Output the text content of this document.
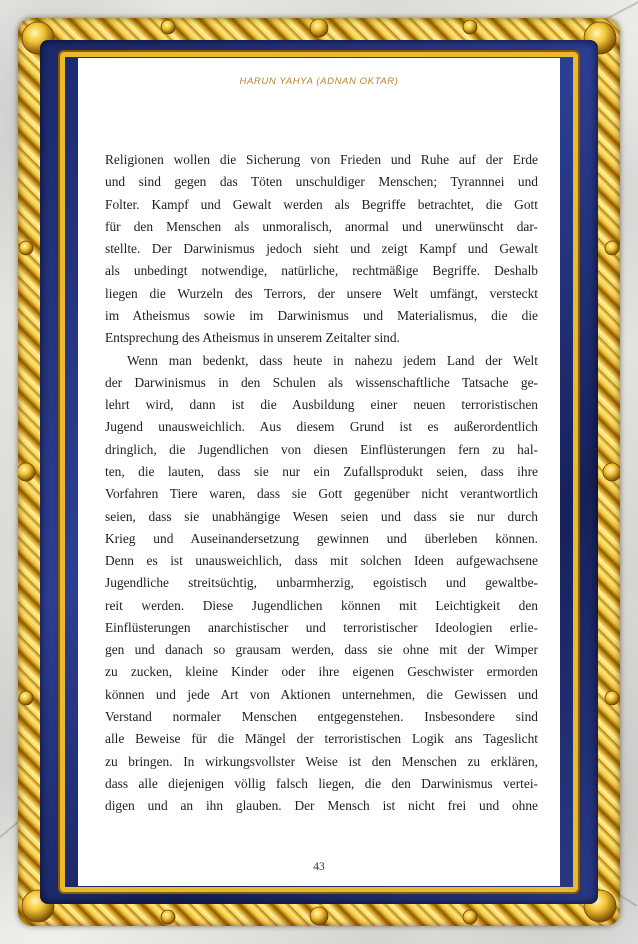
HARUN YAHYA (ADNAN OKTAR)
Religionen wollen die Sicherung von Frieden und Ruhe auf der Erde
und sind gegen das Töten unschuldiger Menschen; Tyrannnei und
Folter. Kampf und Gewalt werden als Begriffe betrachtet, die Gott
für den Menschen als unmoralisch, anormal und unerwünscht dar-
stellte. Der Darwinismus jedoch sieht und zeigt Kampf und Gewalt
als unbedingt notwendige, natürliche, rechtmäßige Begriffe. Deshalb
liegen die Wurzeln des Terrors, der unsere Welt umfängt, versteckt
im Atheismus sowie im Darwinismus und Materialismus, die die
Entsprechung des Atheismus in unserem Zeitalter sind.
Wenn man bedenkt, dass heute in nahezu jedem Land der Welt
der Darwinismus in den Schulen als wissenschaftliche Tatsache ge-
lehrt wird, dann ist die Ausbildung einer neuen terroristischen
Jugend unausweichlich. Aus diesem Grund ist es außerordentlich
dringlich, die Jugendlichen von diesen Einflüsterungen fern zu hal-
ten, die lauten, dass sie nur ein Zufallsprodukt seien, dass ihre
Vorfahren Tiere waren, dass sie Gott gegenüber nicht verantwortlich
seien, dass sie unabhängige Wesen seien und dass sie nur durch
Krieg und Auseinandersetzung gewinnen und überleben können.
Denn es ist unausweichlich, dass mit solchen Ideen aufgewachsene
Jugendliche streitsüchtig, unbarmherzig, egoistisch und gewaltbe-
reit werden. Diese Jugendlichen können mit Leichtigkeit den
Einflüsterungen anarchistischer und terroristischer Ideologien erlie-
gen und danach so grausam werden, dass sie ohne mit der Wimper
zu zucken, kleine Kinder oder ihre eigenen Geschwister ermorden
können und jede Art von Aktionen unternehmen, die Gewissen und
Verstand normaler Menschen entgegenstehen. Insbesondere sind
alle Beweise für die Mängel der terroristischen Logik ans Tageslicht
zu bringen. In wirkungsvollster Weise ist den Menschen zu erklären,
dass alle diejenigen völlig falsch liegen, die den Darwinismus vertei-
digen und an ihn glauben. Der Mensch ist nicht frei und ohne
43
